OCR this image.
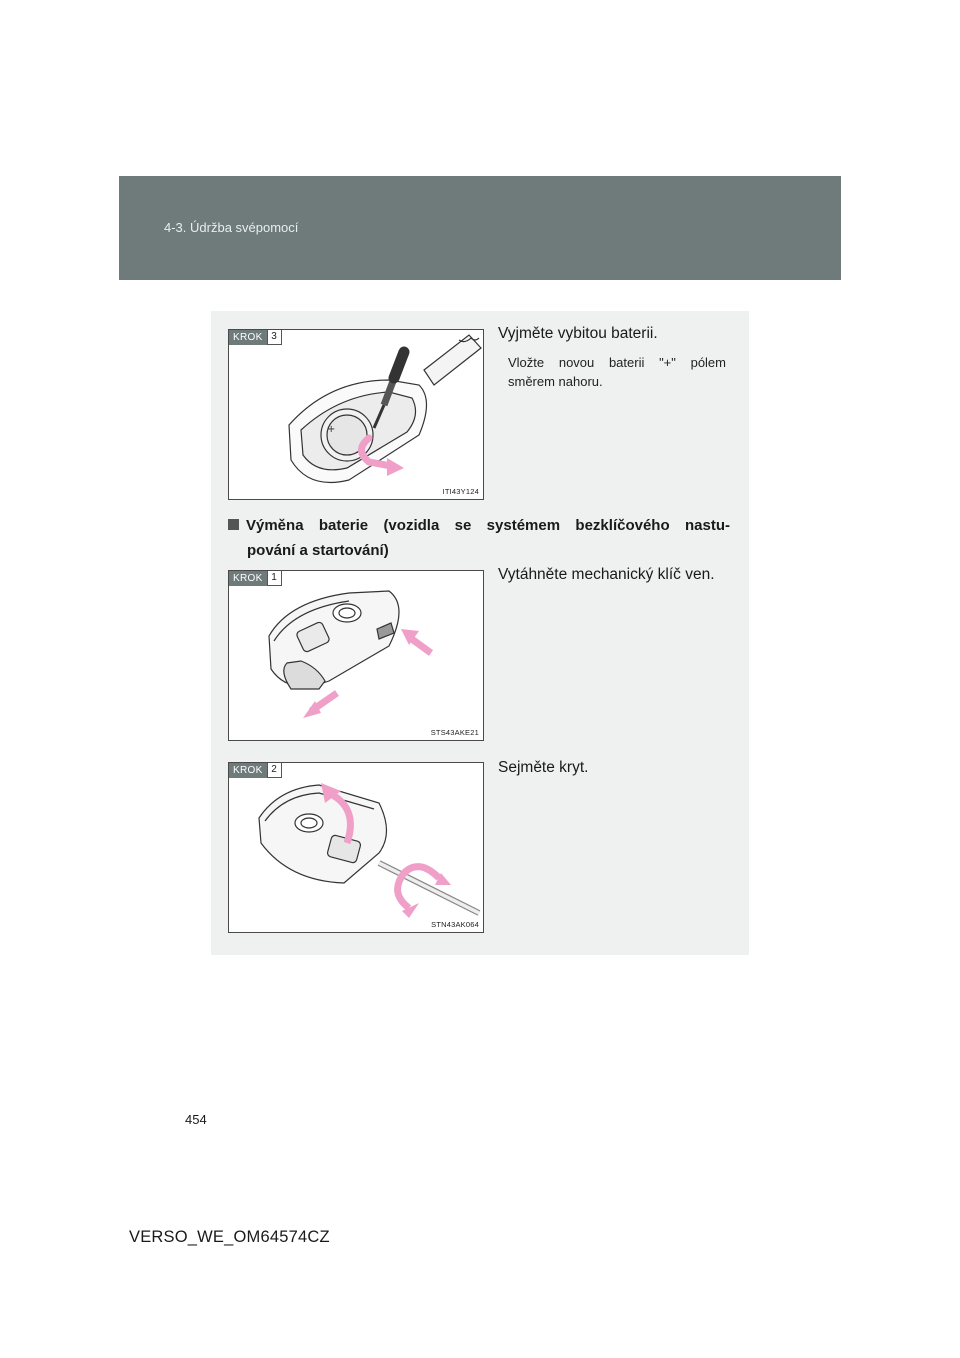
4-3. Údržba svépomocí
+
KROK 3
ITI43Y124
Vyjměte vybitou baterii.
Vložte novou baterii "+" pólem směrem nahoru.
Výměna baterie (vozidla se systémem bezklíčového nastu-
pování a startování)
KROK 1
STS43AKE21
Vytáhněte mechanický klíč ven.
KROK 2
STN43AK064
Sejměte kryt.
454
VERSO_WE_OM64574CZ
